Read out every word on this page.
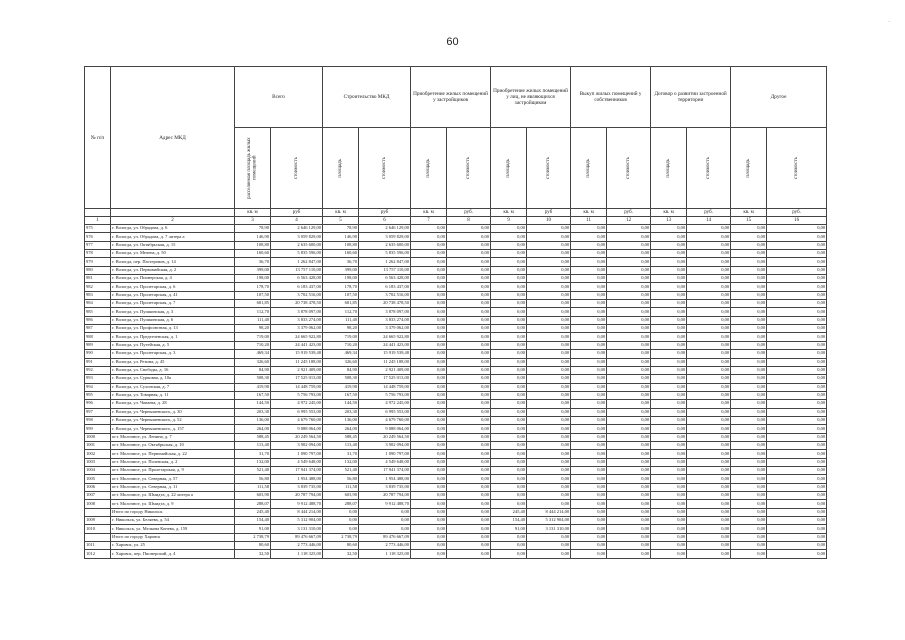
60
·
№ п/п	Адрес МКД	Всего		Строительство МКД		Приобретение жилых помещений у застройщиков		Приобретение жилых помещений у лиц, не являющихся застройщиком		Выкуп жилых помещений у собственников		Договор о развитии застроенной территории		Другое	

		расселяемая площадь жилых помещений	стоимость	площадь	стоимость	площадь	стоимость	площадь	стоимость	площадь	стоимость	площадь	стоимость	площадь	стоимость

		кв. м	руб	кв. м	руб	кв. м	руб.	кв. м	руб	кв. м	руб.	кв. м	руб.	кв. м	руб.
1	2	3	4	5	6	7	8	9	10	11	12	13	14	15	16
975	г. Вологда, ул. Обрадова, д. 6	78,90	2 646 129,00	78,90	2 646 129,00	0,00	0,00	0,00	0,00	0,00	0,00	0,00	0,00	0,00	0,00
976	г. Вологда, ул. Обрадова, д. 7 литера а	146,90	3 059 829,00	146,90	3 059 829,00	0,00	0,00	0,00	0,00	0,00	0,00	0,00	0,00	0,00	0,00
977	г. Вологда, ул. Октябрьская, д. 15	108,80	2 635 600,00	108,80	2 635 600,00	0,00	0,00	0,00	0,00	0,00	0,00	0,00	0,00	0,00	0,00
978	г. Вологда, ул. Мечена, д. 50	160,60	5 835 596,00	160,60	5 835 596,00	0,00	0,00	0,00	0,00	0,00	0,00	0,00	0,00	0,00	0,00
979	г. Вологда, пер. Пастеровов, д. 14	36,70	1 262 847,00	36,70	1 262 847,00	0,00	0,00	0,00	0,00	0,00	0,00	0,00	0,00	0,00	0,00
980	г. Вологда, ул. Первомайская, д. 2	399,00	13 757 110,00	399,00	13 757 110,00	0,00	0,00	0,00	0,00	0,00	0,00	0,00	0,00	0,00	0,00
981	г. Вологда, ул. Пионерская, д. 4	198,00	6 563 428,00	198,00	6 563 428,00	0,00	0,00	0,00	0,00	0,00	0,00	0,00	0,00	0,00	0,00
982	г. Вологда, ул. Пролетарская, д. 6	178,70	6 183 437,00	178,70	6 183 437,00	0,00	0,00	0,00	0,00	0,00	0,00	0,00	0,00	0,00	0,00
983	г. Вологда, ул. Пролетарская, д. 41	107,50	3 702 516,00	107,50	3 702 516,00	0,00	0,00	0,00	0,00	0,00	0,00	0,00	0,00	0,00	0,00
984	г. Вологда, ул. Пролетарская, д. 7	681,85	20 738 478,50	681,85	20 738 478,50	0,00	0,00	0,00	0,00	0,00	0,00	0,00	0,00	0,00	0,00
985	г. Вологда, ул. Пушкинская, д. 3	112,70	3 878 097,00	112,70	3 878 097,00	0,00	0,00	0,00	0,00	0,00	0,00	0,00	0,00	0,00	0,00
986	г. Вологда, ул. Пушкинская, д. 6	111,40	3 833 274,00	111,40	3 833 274,00	0,00	0,00	0,00	0,00	0,00	0,00	0,00	0,00	0,00	0,00
987	г. Вологда, ул. Профсоюзная, д. 13	98,20	3 379 062,00	98,20	3 379 062,00	0,00	0,00	0,00	0,00	0,00	0,00	0,00	0,00	0,00	0,00
988	г. Вологда, ул. Предтеченская, д. 1	719,00	24 665 922,80	719,00	24 665 922,80	0,00	0,00	0,00	0,00	0,00	0,00	0,00	0,00	0,00	0,00
989	г. Вологда, ул. Путейская, д. 5	710,20	24 441 423,00	710,20	24 441 423,00	0,00	0,00	0,00	0,00	0,00	0,00	0,00	0,00	0,00	0,00
990	г. Вологда, ул. Пролетарская, д. 3	469,34	15 919 539,48	469,34	15 919 539,48	0,00	0,00	0,00	0,00	0,00	0,00	0,00	0,00	0,00	0,00
991	г. Вологда, ул. Резина, д. 45	326,60	11 245 188,00	326,60	11 245 188,00	0,00	0,00	0,00	0,00	0,00	0,00	0,00	0,00	0,00	0,00
992	г. Вологда, ул. Свободы, д. 16	84,90	2 921 409,00	84,90	2 921 409,00	0,00	0,00	0,00	0,00	0,00	0,00	0,00	0,00	0,00	0,00
993	г. Вологда, ул. Сурковая, д. 10а	508,30	17 525 013,00	508,30	17 525 013,00	0,00	0,00	0,00	0,00	0,00	0,00	0,00	0,00	0,00	0,00
994	г. Вологда, ул. Сухонская, д. 7	419,90	14 448 759,00	419,90	14 448 759,00	0,00	0,00	0,00	0,00	0,00	0,00	0,00	0,00	0,00	0,00
995	г. Вологда, ул. Товарная, д. 11	167,50	5 756 793,00	167,50	5 756 793,00	0,00	0,00	0,00	0,00	0,00	0,00	0,00	0,00	0,00	0,00
996	г. Вологда, ул. Чапаева, д. 28	144,50	4 972 245,00	144,50	4 972 245,00	0,00	0,00	0,00	0,00	0,00	0,00	0,00	0,00	0,00	0,00
997	г. Вологда, ул. Чернышевского, д. 30	203,30	6 995 553,00	203,30	6 995 553,00	0,00	0,00	0,00	0,00	0,00	0,00	0,00	0,00	0,00	0,00
998	г. Вологда, ул. Чернышевского, д. 52	136,00	4 679 760,00	136,00	4 679 760,00	0,00	0,00	0,00	0,00	0,00	0,00	0,00	0,00	0,00	0,00
999	г. Вологда, ул. Чернышевского, д. 157	264,00	9 088 064,00	264,00	9 088 064,00	0,00	0,00	0,00	0,00	0,00	0,00	0,00	0,00	0,00	0,00
1000	пгт. Молочное, ул. Ленина, д. 7	588,45	20 249 564,50	588,45	20 249 564,50	0,00	0,00	0,00	0,00	0,00	0,00	0,00	0,00	0,00	0,00
1001	пгт. Молочное, ул. Октябрьская, д. 10	113,40	3 902 094,00	113,40	3 902 094,00	0,00	0,00	0,00	0,00	0,00	0,00	0,00	0,00	0,00	0,00
1002	пгт. Молочное, ул. Первомайская, д. 22	31,70	1 090 797,00	31,70	1 090 797,00	0,00	0,00	0,00	0,00	0,00	0,00	0,00	0,00	0,00	0,00
1003	пгт. Молочное, ул. Полевская, д. 2	132,00	4 549 648,00	132,00	4 549 648,00	0,00	0,00	0,00	0,00	0,00	0,00	0,00	0,00	0,00	0,00
1004	пгт. Молочное, ул. Пролетарская, д. 9	521,40	17 941 374,00	521,40	17 941 374,00	0,00	0,00	0,00	0,00	0,00	0,00	0,00	0,00	0,00	0,00
1005	пгт. Молочное, ул. Северная, д. 57	56,80	1 954 488,00	56,80	1 954 488,00	0,00	0,00	0,00	0,00	0,00	0,00	0,00	0,00	0,00	0,00
1006	пгт. Молочное, ул. Северная, д. 11	111,58	3 839 735,00	111,58	3 839 735,00	0,00	0,00	0,00	0,00	0,00	0,00	0,00	0,00	0,00	0,00
1007	пгт. Молочное, ул. Шмидта, д. 22 литера а	603,90	20 787 794,00	603,90	20 787 794,00	0,00	0,00	0,00	0,00	0,00	0,00	0,00	0,00	0,00	0,00
1008	пгт. Молочное, ул. Шмидта, д. 9	288,07	9 912 488,70	288,07	9 912 488,70	0,00	0,00	0,00	0,00	0,00	0,00	0,00	0,00	0,00	0,00
	Итого по городу Никольск	245,40	8 444 214,00	0,00	0,00	0,00	0,00	245,40	8 444 214,00	0,00	0,00	0,00	0,00	0,00	0,00
1009	г. Никольск, ул. Беляева, д. 54	154,40	5 312 904,00	0,00	0,00	0,00	0,00	154,40	5 312 904,00	0,00	0,00	0,00	0,00	0,00	0,00
1010	г. Никольск, ул. Мелкова Конева, д. 159	91,00	3 131 310,00	0,00	0,00	0,00	0,00	91,00	3 131 310,00	0,00	0,00	0,00	0,00	0,00	0,00
	Итого по городу Харовск	2 738,79	89 476 667,09	2 738,79	89 476 667,09	0,00	0,00	0,00	0,00	0,00	0,00	0,00	0,00	0,00	0,00
1011	г. Харовск, ул. 25	80,60	2 773 446,00	80,60	2 773 446,00	0,00	0,00	0,00	0,00	0,00	0,00	0,00	0,00	0,00	0,00
1012	г. Харовск, пер. Пионерский, д. 4	32,50	1 118 325,00	32,50	1 118 325,00	0,00	0,00	0,00	0,00	0,00	0,00	0,00	0,00	0,00	0,00
